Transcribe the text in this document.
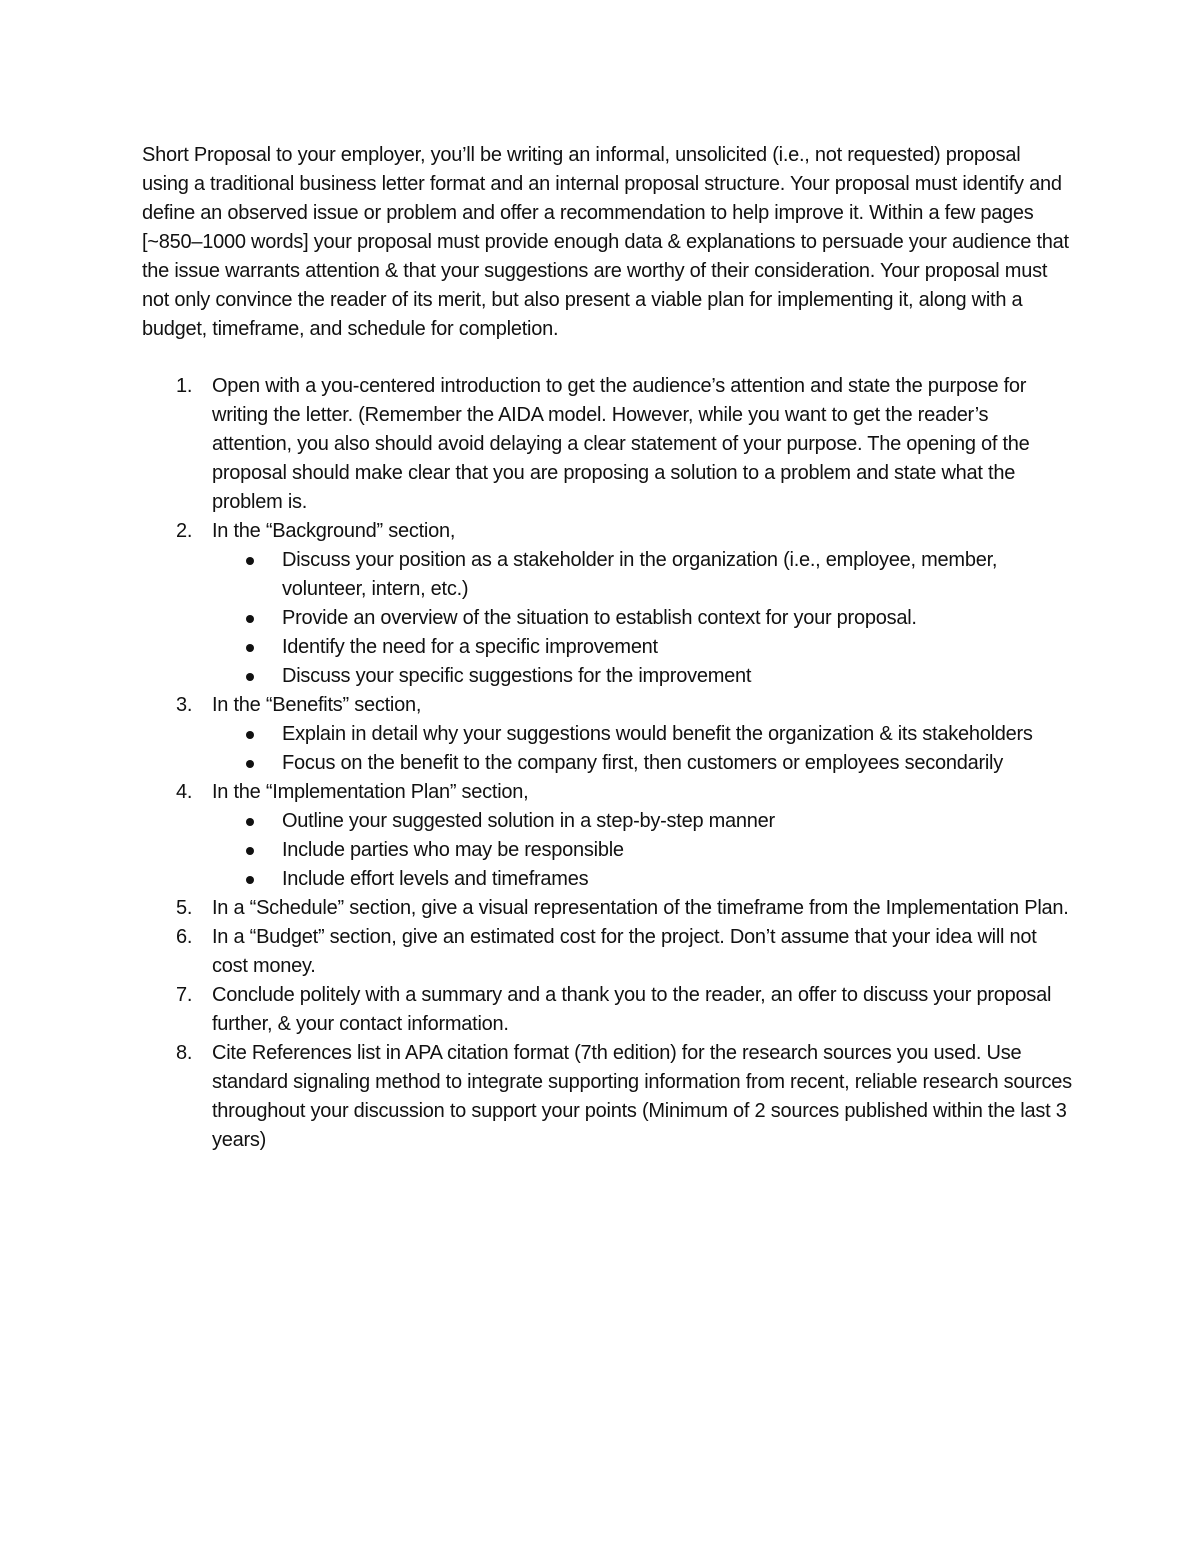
Short Proposal to your employer, you’ll be writing an informal, unsolicited (i.e., not requested) proposal using a traditional business letter format and an internal proposal structure. Your proposal must identify and define an observed issue or problem and offer a recommendation to help improve it. Within a few pages [~850–1000 words] your proposal must provide enough data & explanations to persuade your audience that the issue warrants attention & that your suggestions are worthy of their consideration. Your proposal must not only convince the reader of its merit, but also present a viable plan for implementing it, along with a budget, timeframe, and schedule for completion.

1. Open with a you-centered introduction to get the audience’s attention and state the purpose for writing the letter. (Remember the AIDA model. However, while you want to get the reader’s attention, you also should avoid delaying a clear statement of your purpose. The opening of the proposal should make clear that you are proposing a solution to a problem and state what the problem is.
2. In the “Background” section,
Discuss your position as a stakeholder in the organization (i.e., employee, member, volunteer, intern, etc.)
Provide an overview of the situation to establish context for your proposal.
Identify the need for a specific improvement
Discuss your specific suggestions for the improvement
3. In the “Benefits” section,
Explain in detail why your suggestions would benefit the organization & its stakeholders
Focus on the benefit to the company first, then customers or employees secondarily
4. In the “Implementation Plan” section,
Outline your suggested solution in a step-by-step manner
Include parties who may be responsible
Include effort levels and timeframes
5. In a “Schedule” section, give a visual representation of the timeframe from the Implementation Plan.
6. In a “Budget” section, give an estimated cost for the project. Don’t assume that your idea will not cost money.
7. Conclude politely with a summary and a thank you to the reader, an offer to discuss your proposal further, & your contact information.
8. Cite References list in APA citation format (7th edition) for the research sources you used. Use standard signaling method to integrate supporting information from recent, reliable research sources throughout your discussion to support your points (Minimum of 2 sources published within the last 3 years)
